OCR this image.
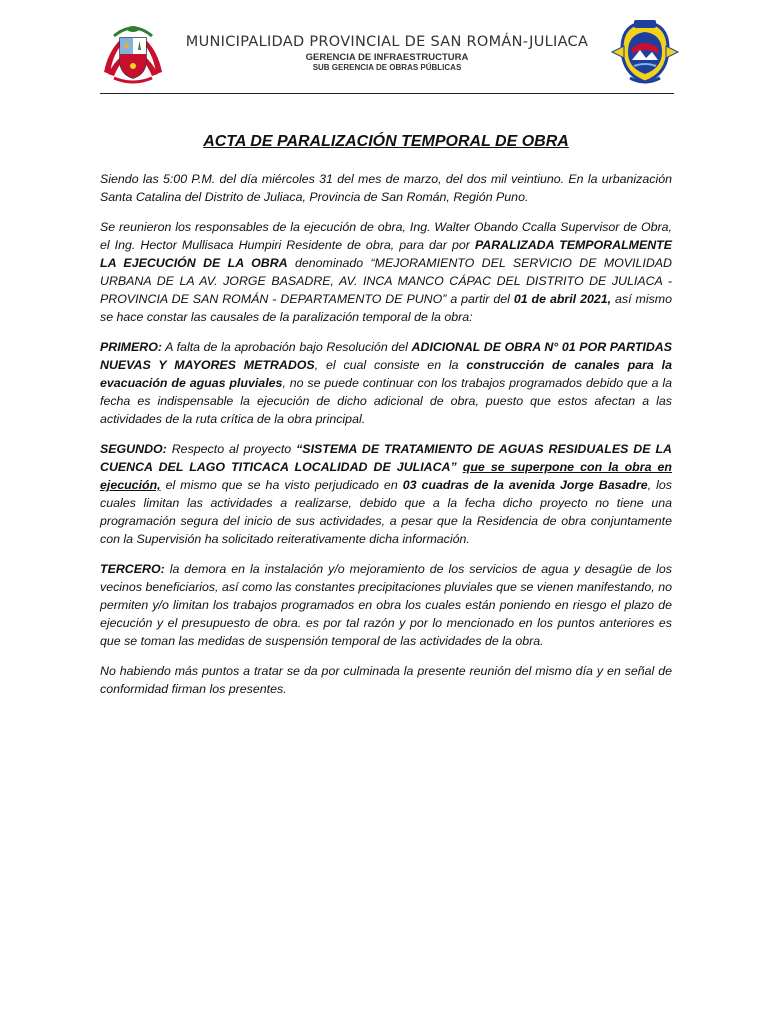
MUNICIPALIDAD PROVINCIAL DE SAN ROMÁN-JULIACA
GERENCIA DE INFRAESTRUCTURA
SUB GERENCIA DE OBRAS PÚBLICAS
ACTA DE PARALIZACIÓN TEMPORAL DE OBRA

Siendo las 5:00 P.M. del día miércoles 31 del mes de marzo, del dos mil veintiuno. En la urbanización Santa Catalina del Distrito de Juliaca, Provincia de San Román, Región Puno.

Se reunieron los responsables de la ejecución de obra, Ing. Walter Obando Ccalla Supervisor de Obra, el Ing. Hector Mullisaca Humpiri Residente de obra, para dar por PARALIZADA TEMPORALMENTE LA EJECUCIÓN DE LA OBRA denominado “MEJORAMIENTO DEL SERVICIO DE MOVILIDAD URBANA DE LA AV. JORGE BASADRE, AV. INCA MANCO CÁPAC DEL DISTRITO DE JULIACA - PROVINCIA DE SAN ROMÁN - DEPARTAMENTO DE PUNO” a partir del 01 de abril 2021, así mismo se hace constar las causales de la paralización temporal de la obra:

PRIMERO: A falta de la aprobación bajo Resolución del ADICIONAL DE OBRA N° 01 POR PARTIDAS NUEVAS Y MAYORES METRADOS, el cual consiste en la construcción de canales para la evacuación de aguas pluviales, no se puede continuar con los trabajos programados debido que a la fecha es indispensable la ejecución de dicho adicional de obra, puesto que estos afectan a las actividades de la ruta crítica de la obra principal.

SEGUNDO: Respecto al proyecto “SISTEMA DE TRATAMIENTO DE AGUAS RESIDUALES DE LA CUENCA DEL LAGO TITICACA LOCALIDAD DE JULIACA” que se superpone con la obra en ejecución, el mismo que se ha visto perjudicado en 03 cuadras de la avenida Jorge Basadre, los cuales limitan las actividades a realizarse, debido que a la fecha dicho proyecto no tiene una programación segura del inicio de sus actividades, a pesar que la Residencia de obra conjuntamente con la Supervisión ha solicitado reiterativamente dicha información.

TERCERO: la demora en la instalación y/o mejoramiento de los servicios de agua y desagüe de los vecinos beneficiarios, así como las constantes precipitaciones pluviales que se vienen manifestando, no permiten y/o limitan los trabajos programados en obra los cuales están poniendo en riesgo el plazo de ejecución y el presupuesto de obra. es por tal razón y por lo mencionado en los puntos anteriores es que se toman las medidas de suspensión temporal de las actividades de la obra.

No habiendo más puntos a tratar se da por culminada la presente reunión del mismo día y en señal de conformidad firman los presentes.
